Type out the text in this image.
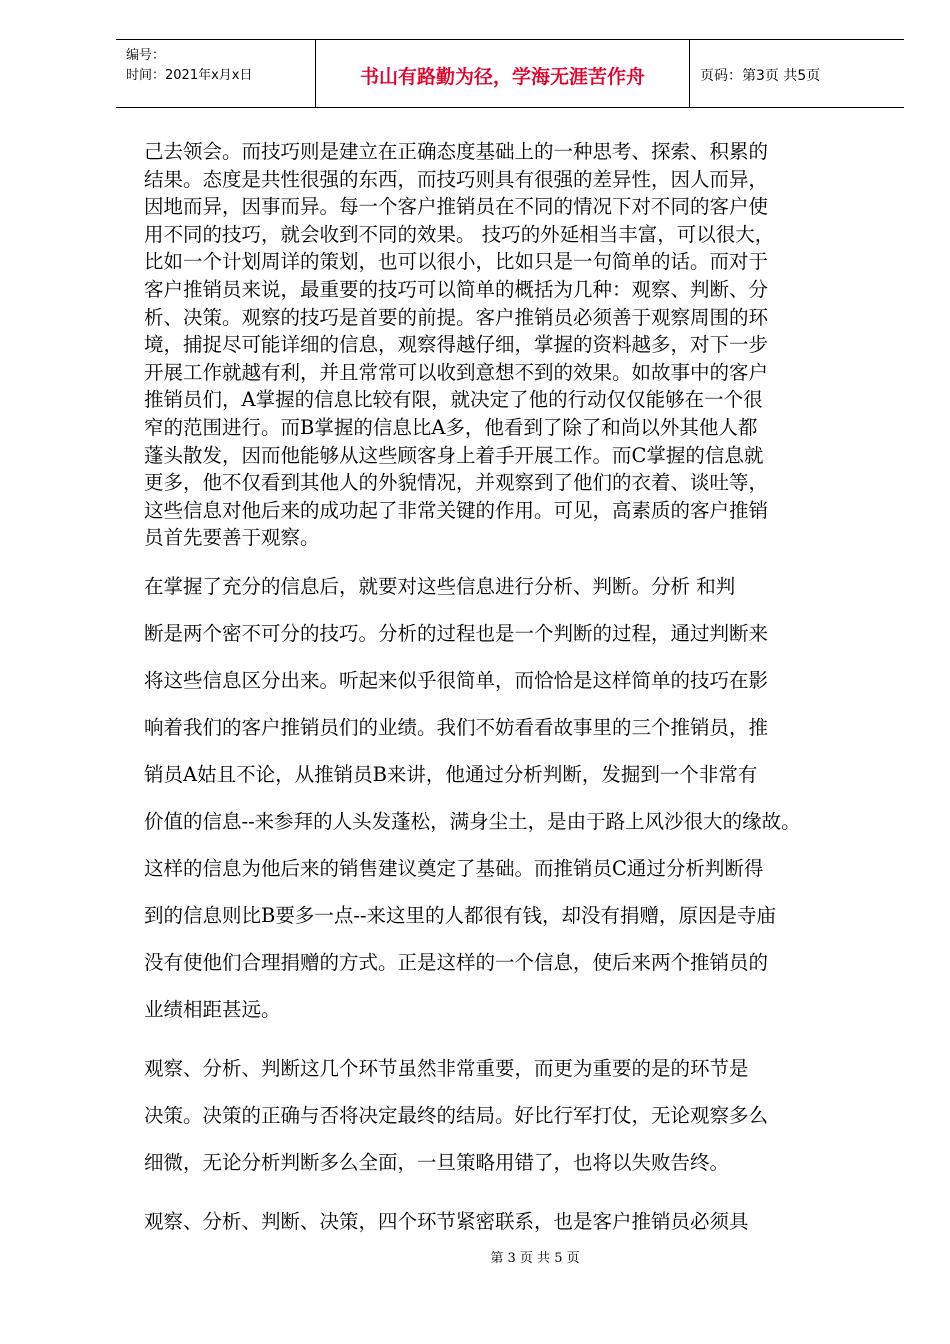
编号：
时间：2021年x月x日	书山有路勤为径，学海无涯苦作舟	页码：第3页 共5页

己去领会。而技巧则是建立在正确态度基础上的一种思考、探索、积累的

结果。态度是共性很强的东西，而技巧则具有很强的差异性，因人而异，

因地而异，因事而异。每一个客户推销员在不同的情况下对不同的客户使

用不同的技巧，就会收到不同的效果。 技巧的外延相当丰富，可以很大，

比如一个计划周详的策划，也可以很小，比如只是一句简单的话。而对于

客户推销员来说，最重要的技巧可以简单的概括为几种：观察、判断、分

析、决策。观察的技巧是首要的前提。客户推销员必须善于观察周围的环

境，捕捉尽可能详细的信息，观察得越仔细，掌握的资料越多，对下一步

开展工作就越有利，并且常常可以收到意想不到的效果。如故事中的客户

推销员们，A掌握的信息比较有限，就决定了他的行动仅仅能够在一个很

窄的范围进行。而B掌握的信息比A多，他看到了除了和尚以外其他人都

蓬头散发，因而他能够从这些顾客身上着手开展工作。而C掌握的信息就

更多，他不仅看到其他人的外貌情况，并观察到了他们的衣着、谈吐等，

这些信息对他后来的成功起了非常关键的作用。可见，高素质的客户推销

员首先要善于观察。

在掌握了充分的信息后，就要对这些信息进行分析、判断。分析 和判

断是两个密不可分的技巧。分析的过程也是一个判断的过程，通过判断来

将这些信息区分出来。听起来似乎很简单，而恰恰是这样简单的技巧在影

响着我们的客户推销员们的业绩。我们不妨看看故事里的三个推销员，推

销员A姑且不论，从推销员B来讲，他通过分析判断，发掘到一个非常有

价值的信息--来参拜的人头发蓬松，满身尘土，是由于路上风沙很大的缘故。

这样的信息为他后来的销售建议奠定了基础。而推销员C通过分析判断得

到的信息则比B要多一点--来这里的人都很有钱，却没有捐赠，原因是寺庙

没有使他们合理捐赠的方式。正是这样的一个信息，使后来两个推销员的

业绩相距甚远。

观察、分析、判断这几个环节虽然非常重要，而更为重要的是的环节是

决策。决策的正确与否将决定最终的结局。好比行军打仗，无论观察多么

细微，无论分析判断多么全面，一旦策略用错了，也将以失败告终。

观察、分析、判断、决策，四个环节紧密联系，也是客户推销员必须具

第 3 页 共 5 页
